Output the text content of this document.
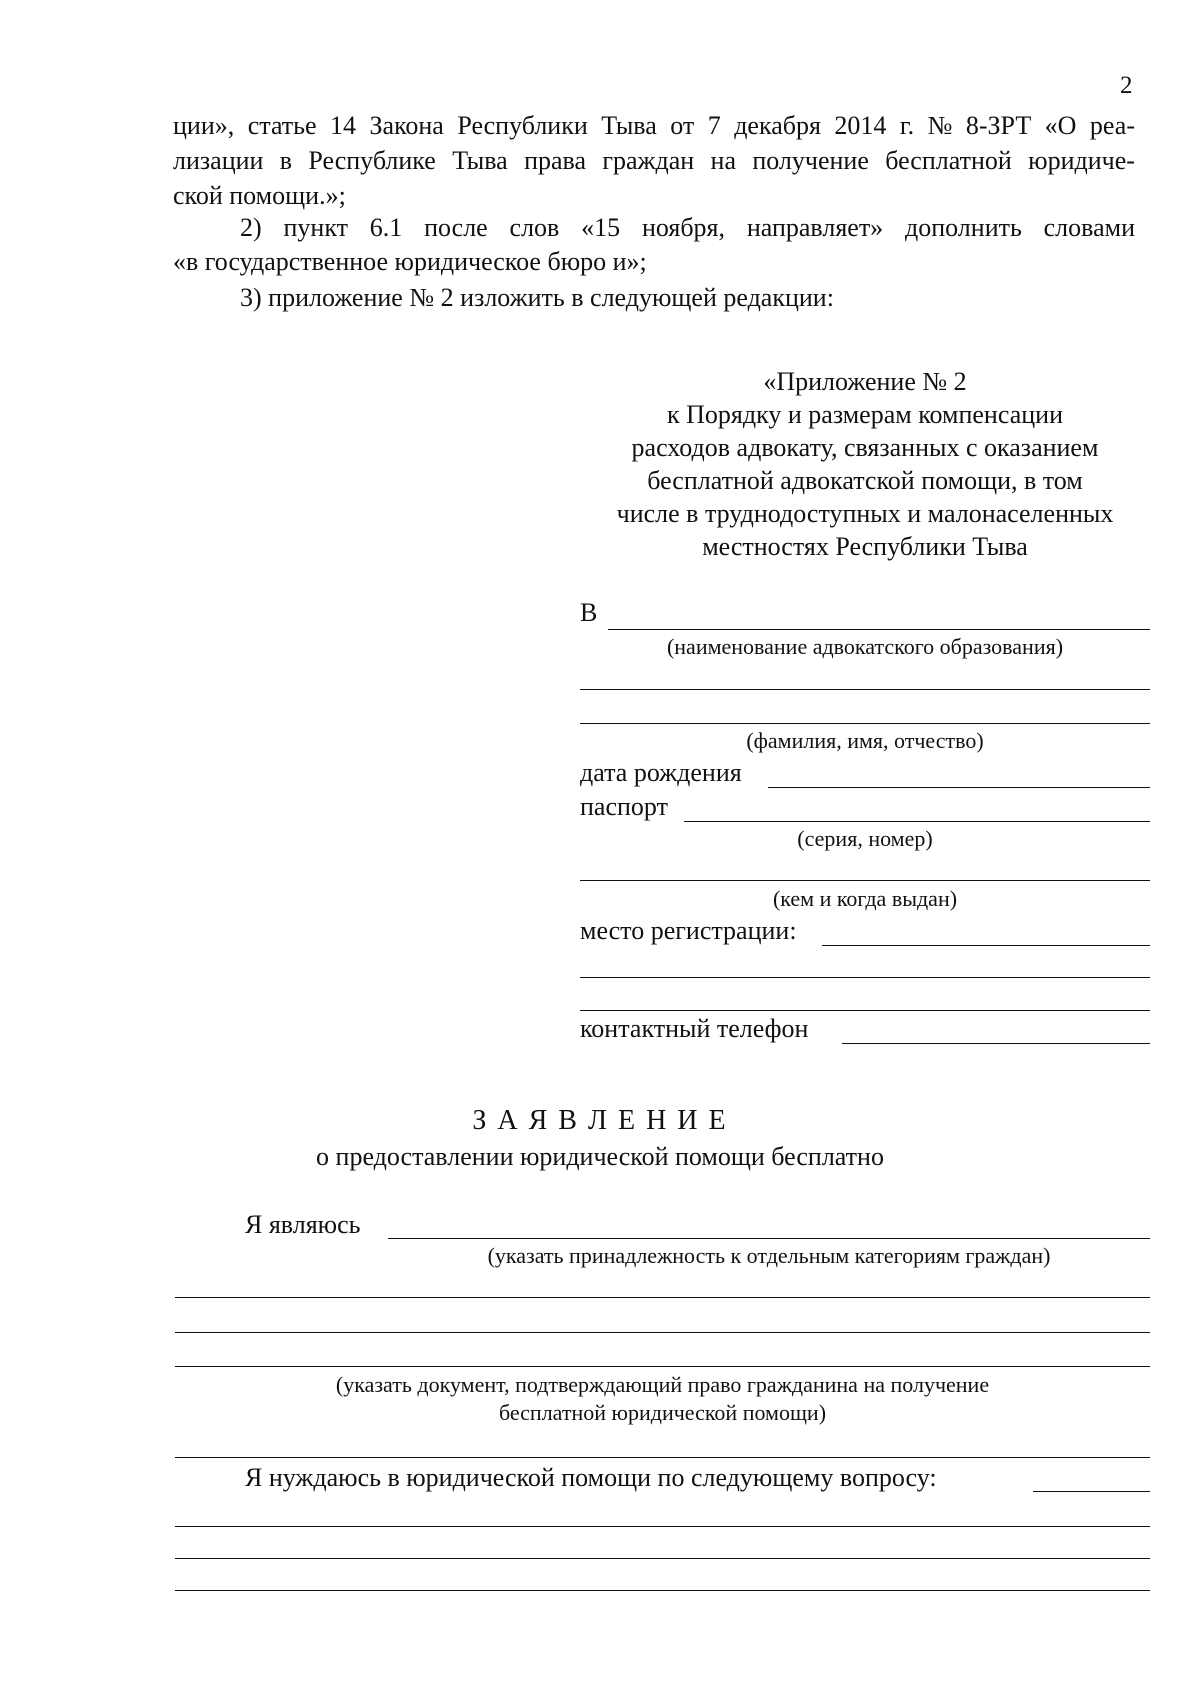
2
ции», статье 14 Закона Республики Тыва от 7 декабря 2014 г. № 8-ЗРТ «О реа-
лизации в Республике Тыва права граждан на получение бесплатной юридиче-
ской помощи.»;
2) пункт 6.1 после слов «15 ноября, направляет» дополнить словами
«в государственное юридическое бюро и»;
3) приложение № 2 изложить в следующей редакции:
«Приложение № 2
к Порядку и размерам компенсации
расходов адвокату, связанных с оказанием
бесплатной адвокатской помощи, в том
числе в труднодоступных и малонаселенных
местностях Республики Тыва
В
(наименование адвокатского образования)
(фамилия, имя, отчество)
дата рождения
паспорт
(серия, номер)
(кем и когда выдан)
место регистрации:
контактный телефон
З А Я В Л Е Н И Е
о предоставлении юридической помощи бесплатно
Я являюсь
(указать принадлежность к отдельным категориям граждан)
(указать документ, подтверждающий право гражданина на получение
бесплатной юридической помощи)
Я нуждаюсь в юридической помощи по следующему вопросу:
